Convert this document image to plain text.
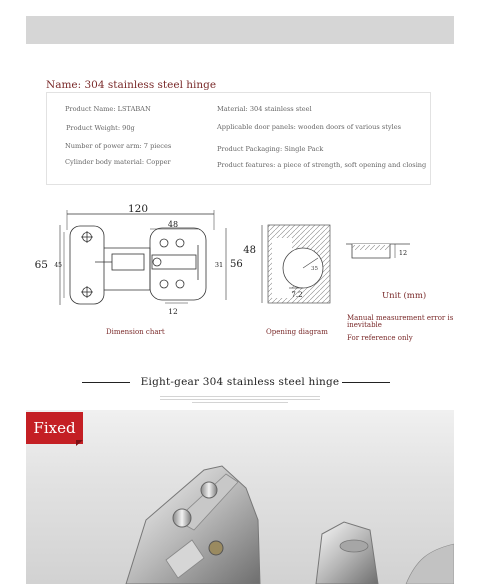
Name: 304 stainless steel hinge
Product Name: LSTABAN	Material: 304 stainless steel
Product Weight: 90g	Applicable door panels: wooden doors of various styles
Number of power arm: 7 pieces	Product Packaging: Single Pack
Cylinder body material: Copper	Product features: a piece of strength, soft opening and closing
120
48
65 45	31 56
12
35
48
7.2
12
Dimension chart	Opening diagram
Unit (mm)
Manual measurement error is inevitable
For reference only
Eight-gear 304 stainless steel hinge
Fixed
